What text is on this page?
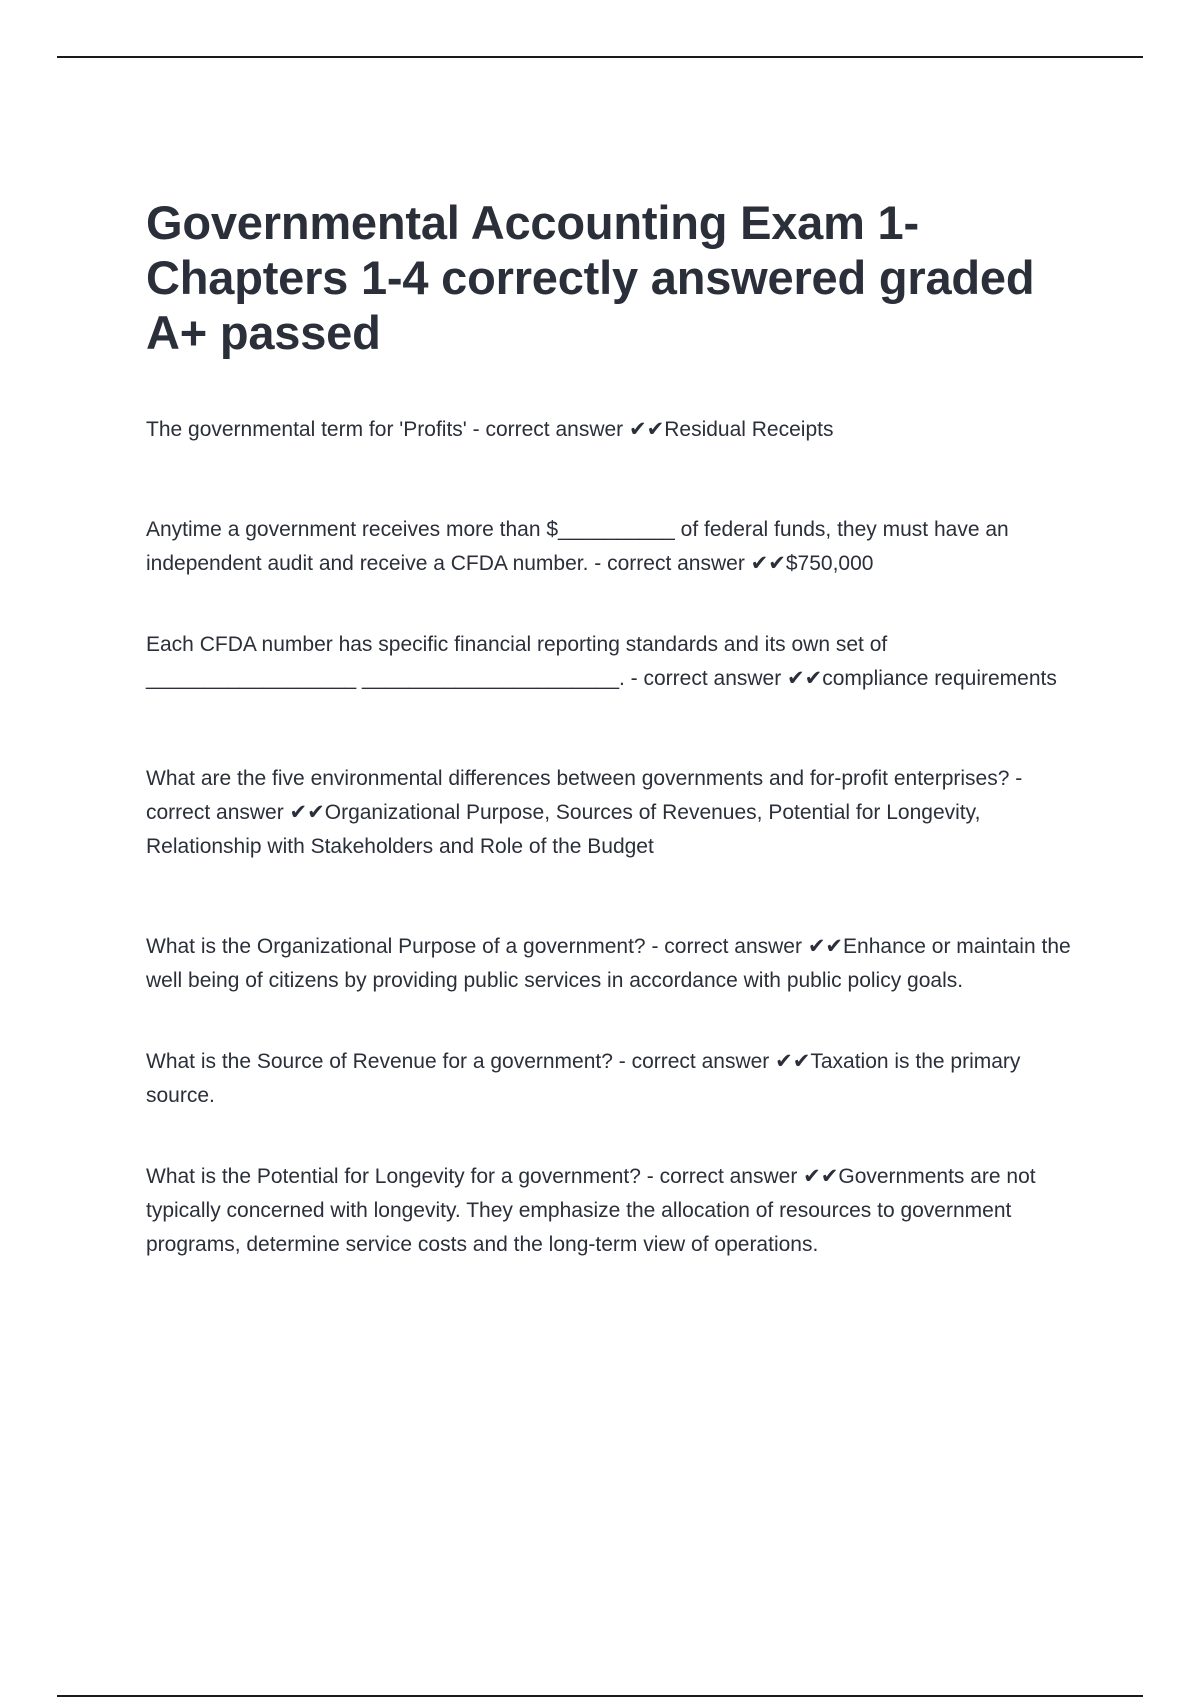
Governmental Accounting Exam 1- Chapters 1-4 correctly answered graded A+ passed

The governmental term for 'Profits' - correct answer ✔✔Residual Receipts

Anytime a government receives more than $__________ of federal funds, they must have an independent audit and receive a CFDA number. - correct answer ✔✔$750,000

Each CFDA number has specific financial reporting standards and its own set of __________________ ______________________. - correct answer ✔✔compliance requirements

What are the five environmental differences between governments and for-profit enterprises? - correct answer ✔✔Organizational Purpose, Sources of Revenues, Potential for Longevity, Relationship with Stakeholders and Role of the Budget

What is the Organizational Purpose of a government? - correct answer ✔✔Enhance or maintain the well being of citizens by providing public services in accordance with public policy goals.

What is the Source of Revenue for a government? - correct answer ✔✔Taxation is the primary source.

What is the Potential for Longevity for a government? - correct answer ✔✔Governments are not typically concerned with longevity. They emphasize the allocation of resources to government programs, determine service costs and the long-term view of operations.
